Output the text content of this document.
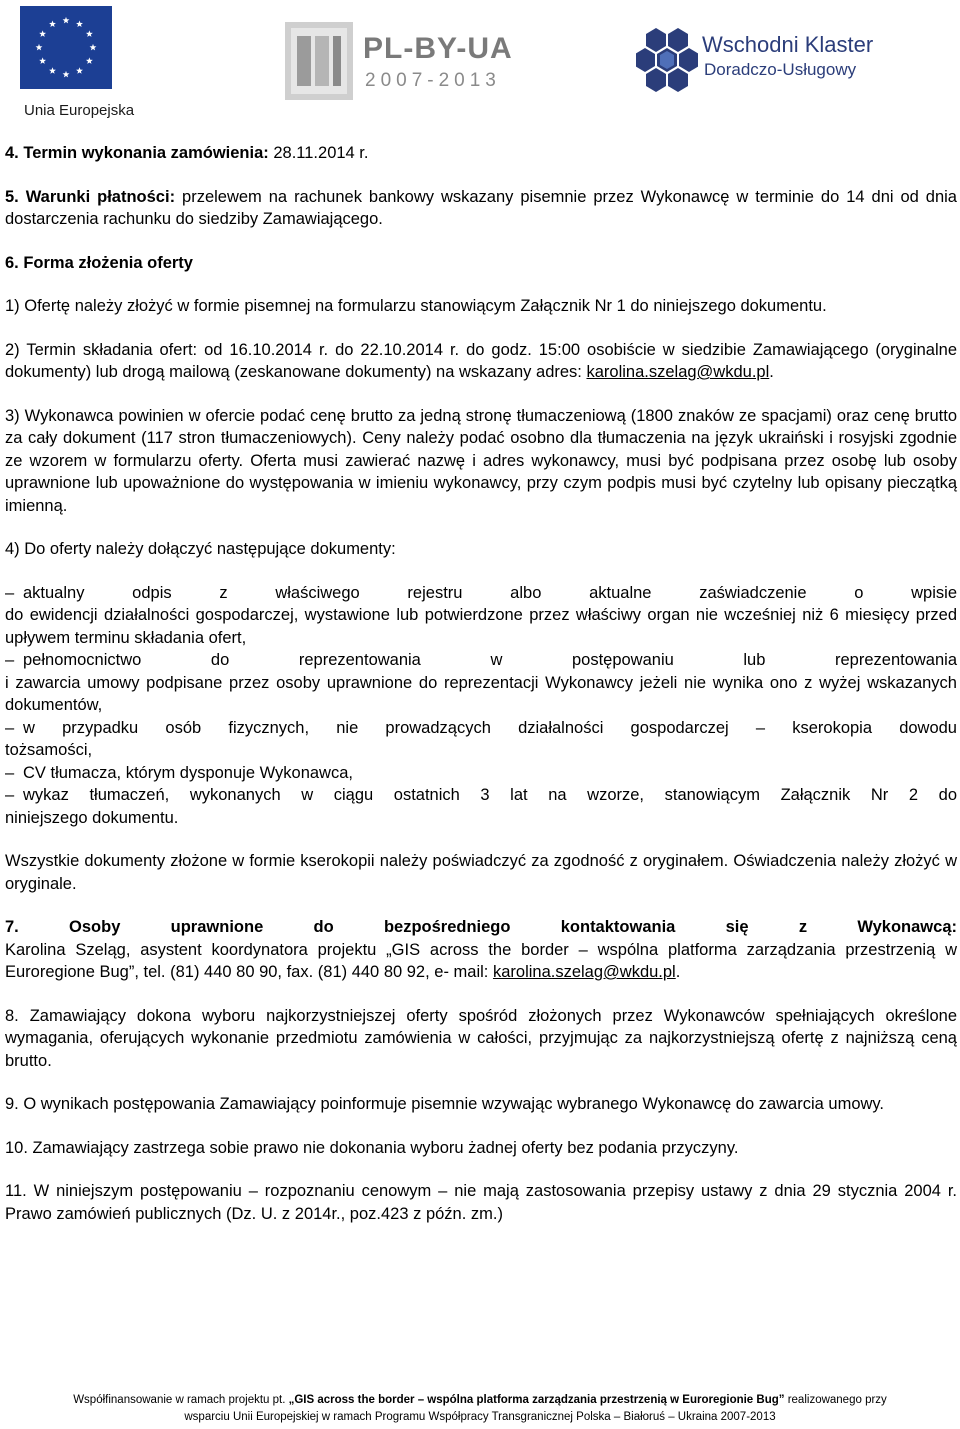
Unia Europejska
PL-BY-UA
2007-2013
Wschodni Klaster
Doradczo-Usługowy

4. Termin wykonania zamówienia: 28.11.2014 r.

5. Warunki płatności: przelewem na rachunek bankowy wskazany pisemnie przez Wykonawcę w terminie do 14 dni od dnia dostarczenia rachunku do siedziby Zamawiającego.

6. Forma złożenia oferty

1) Ofertę należy złożyć w formie pisemnej na formularzu stanowiącym Załącznik Nr 1 do niniejszego dokumentu.

2) Termin składania ofert: od 16.10.2014 r. do 22.10.2014 r. do godz. 15:00 osobiście w siedzibie Zamawiającego (oryginalne dokumenty) lub drogą mailową (zeskanowane dokumenty) na wskazany adres: karolina.szelag@wkdu.pl.

3) Wykonawca powinien w ofercie podać cenę brutto za jedną stronę tłumaczeniową (1800 znaków ze spacjami) oraz cenę brutto za cały dokument (117 stron tłumaczeniowych). Ceny należy podać osobno dla tłumaczenia na język ukraiński i rosyjski zgodnie ze wzorem w formularzu oferty. Oferta musi zawierać nazwę i adres wykonawcy, musi być podpisana przez osobę lub osoby uprawnione lub upoważnione do występowania w imieniu wykonawcy, przy czym podpis musi być czytelny lub opisany pieczątką imienną.

4) Do oferty należy dołączyć następujące dokumenty:

– aktualny odpis z właściwego rejestru albo aktualne zaświadczenie o wpisie

do ewidencji działalności gospodarczej, wystawione lub potwierdzone przez właściwy organ nie wcześniej niż 6 miesięcy przed upływem terminu składania ofert,

– pełnomocnictwo do reprezentowania w postępowaniu lub reprezentowania

i zawarcia umowy podpisane przez osoby uprawnione do reprezentacji Wykonawcy jeżeli nie wynika ono z wyżej wskazanych dokumentów,

– w przypadku osób fizycznych, nie prowadzących działalności gospodarczej – kserokopia dowodu

tożsamości,

– CV tłumacza, którym dysponuje Wykonawca,

– wykaz tłumaczeń, wykonanych w ciągu ostatnich 3 lat na wzorze, stanowiącym Załącznik Nr 2 do

niniejszego dokumentu.

Wszystkie dokumenty złożone w formie kserokopii należy poświadczyć za zgodność z oryginałem. Oświadczenia należy złożyć w oryginale.

7. Osoby uprawnione do bezpośredniego kontaktowania się z Wykonawcą:

Karolina Szeląg, asystent koordynatora projektu „GIS across the border – wspólna platforma zarządzania przestrzenią w Euroregione Bug”, tel. (81) 440 80 90, fax. (81) 440 80 92, e- mail: karolina.szelag@wkdu.pl.

8. Zamawiający dokona wyboru najkorzystniejszej oferty spośród złożonych przez Wykonawców spełniających określone wymagania, oferujących wykonanie przedmiotu zamówienia w całości, przyjmując za najkorzystniejszą ofertę z najniższą ceną brutto.

9. O wynikach postępowania Zamawiający poinformuje pisemnie wzywając wybranego Wykonawcę do zawarcia umowy.

10. Zamawiający zastrzega sobie prawo nie dokonania wyboru żadnej oferty bez podania przyczyny.

11. W niniejszym postępowaniu – rozpoznaniu cenowym – nie mają zastosowania przepisy ustawy z dnia 29 stycznia 2004 r. Prawo zamówień publicznych (Dz. U. z 2014r., poz.423 z późn. zm.)

Współfinansowanie w ramach projektu pt. „GIS across the border – wspólna platforma zarządzania przestrzenią w Euroregionie Bug” realizowanego przy
wsparciu Unii Europejskiej w ramach Programu Współpracy Transgranicznej Polska – Białoruś – Ukraina 2007-2013
